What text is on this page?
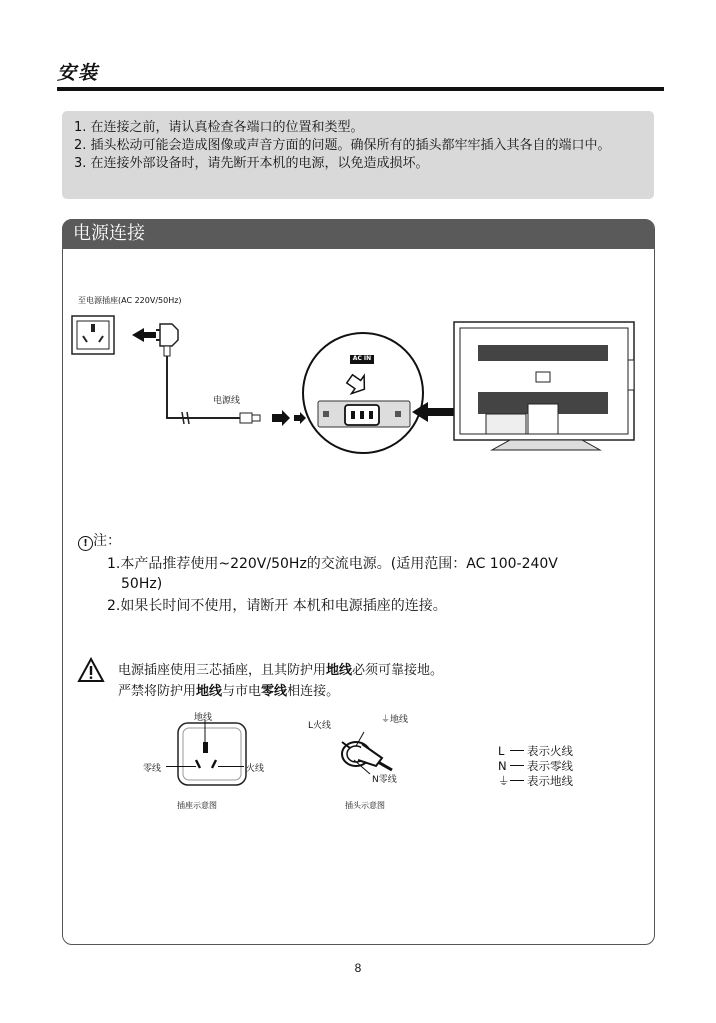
安装
1. 在连接之前，请认真检查各端口的位置和类型。
2. 插头松动可能会造成图像或声音方面的问题。确保所有的插头都牢牢插入其各自的端口中。
3. 在连接外部设备时，请先断开本机的电源，以免造成损坏。
电源连接
至电源插座(AC 220V/50Hz)
电源线
AC IN
! 注：
1.本产品推荐使用~220V/50Hz的交流电源。(适用范围：AC 100-240V
50Hz)
2.如果长时间不使用，请断开 本机和电源插座的连接。
电源插座使用三芯插座，且其防护用地线必须可靠接地。
严禁将防护用地线与市电零线相连接。
地线
零线	火线
插座示意图
L火线
⏚地线
N零线
插头示意图
L 表示火线
N 表示零线
⏚ 表示地线
8
